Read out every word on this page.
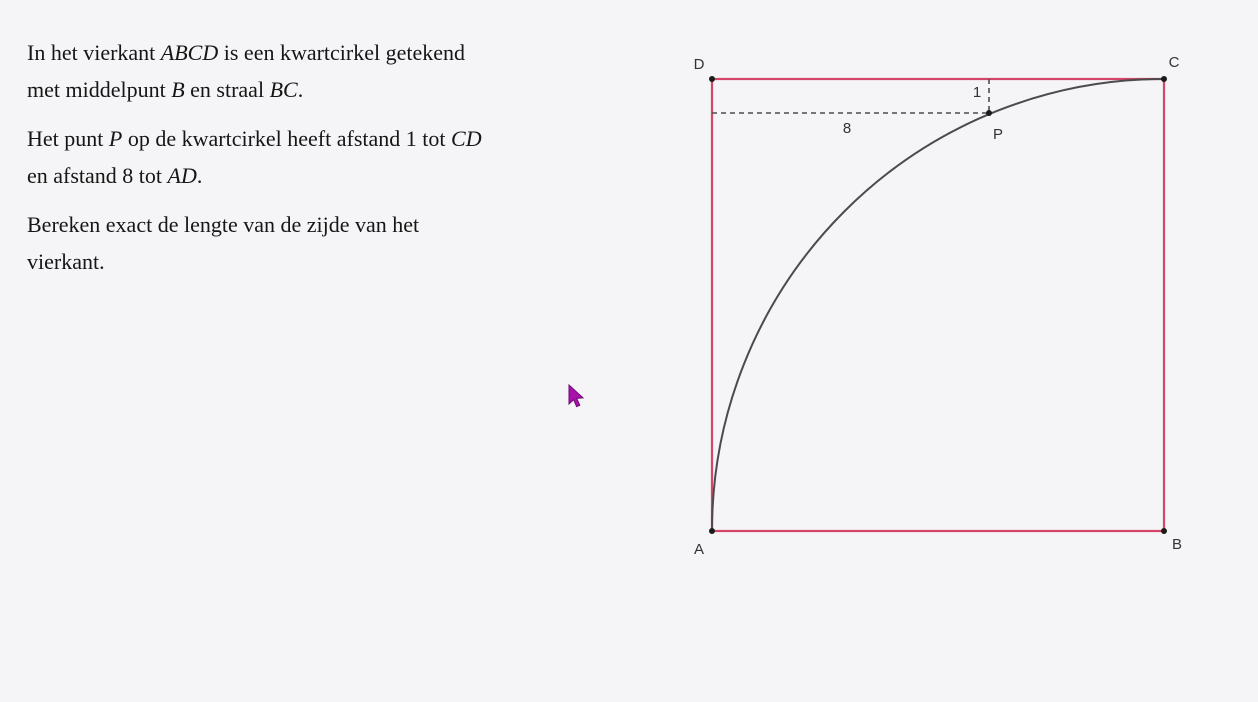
In het vierkant ABCD is een kwartcirkel getekend
met middelpunt B en straal BC.

Het punt P op de kwartcirkel heeft afstand 1 tot CD
en afstand 8 tot AD.

Bereken exact de lengte van de zijde van het
vierkant.

D	C
A	B
P
1
8
